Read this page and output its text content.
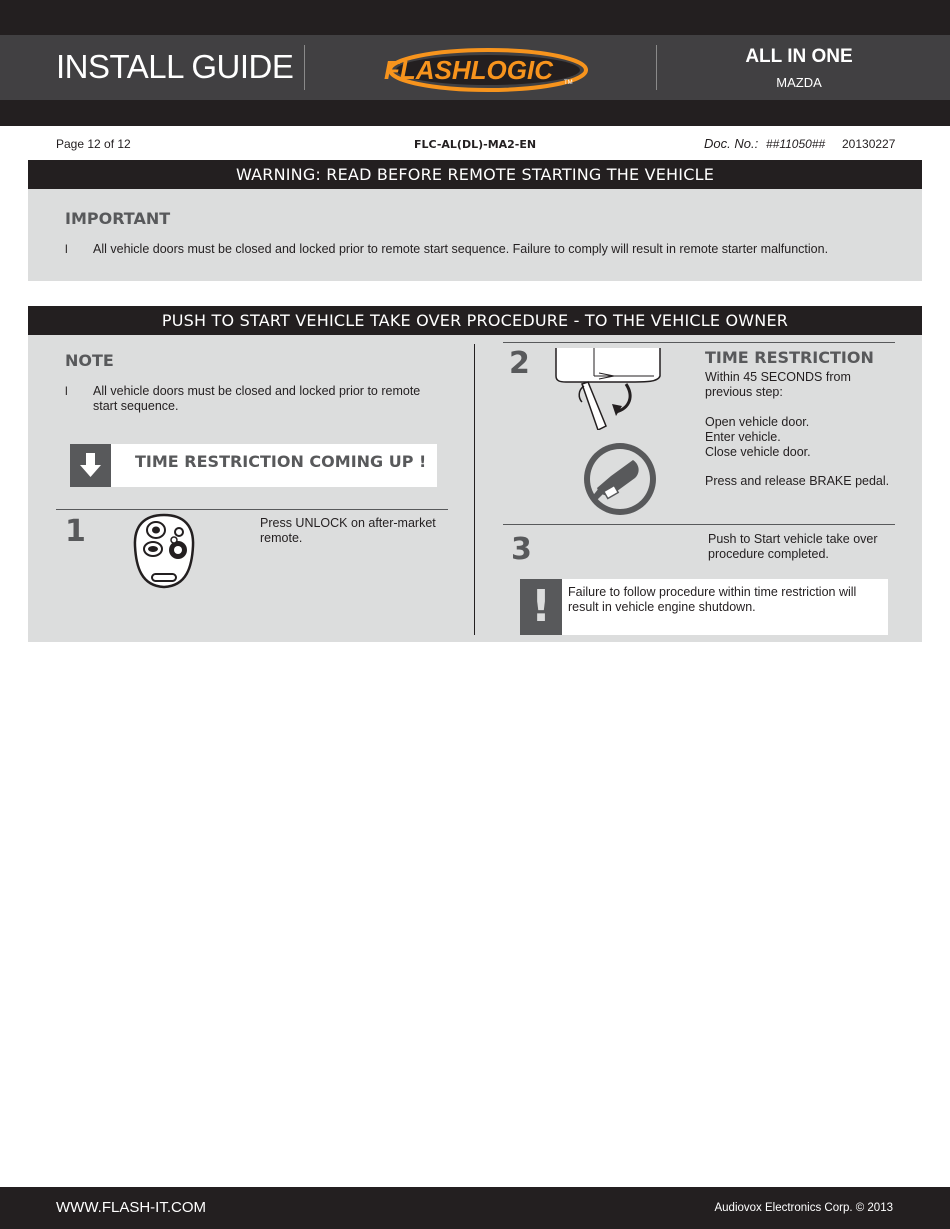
INSTALL GUIDE	FLASHLOGIC TM
ALL IN ONE
MAZDA
Page 12 of 12	FLC-AL(DL)-MA2-EN	Doc. No.: ##11050## 20130227
WARNING: READ BEFORE REMOTE STARTING THE VEHICLE
IMPORTANT
l All vehicle doors must be closed and locked prior to remote start sequence. Failure to comply will result in remote starter malfunction.
PUSH TO START VEHICLE TAKE OVER PROCEDURE - TO THE VEHICLE OWNER
NOTE
l All vehicle doors must be closed and locked prior to remote start sequence.
TIME RESTRICTION COMING UP !
1	Press UNLOCK on after-market remote.
2	TIME RESTRICTION
Within 45 SECONDS from previous step:
Open vehicle door.
Enter vehicle.
Close vehicle door.
Press and release BRAKE pedal.
3	Push to Start vehicle take over procedure completed.
!	Failure to follow procedure within time restriction will result in vehicle engine shutdown.
WWW.FLASH-IT.COM	Audiovox Electronics Corp. © 2013
